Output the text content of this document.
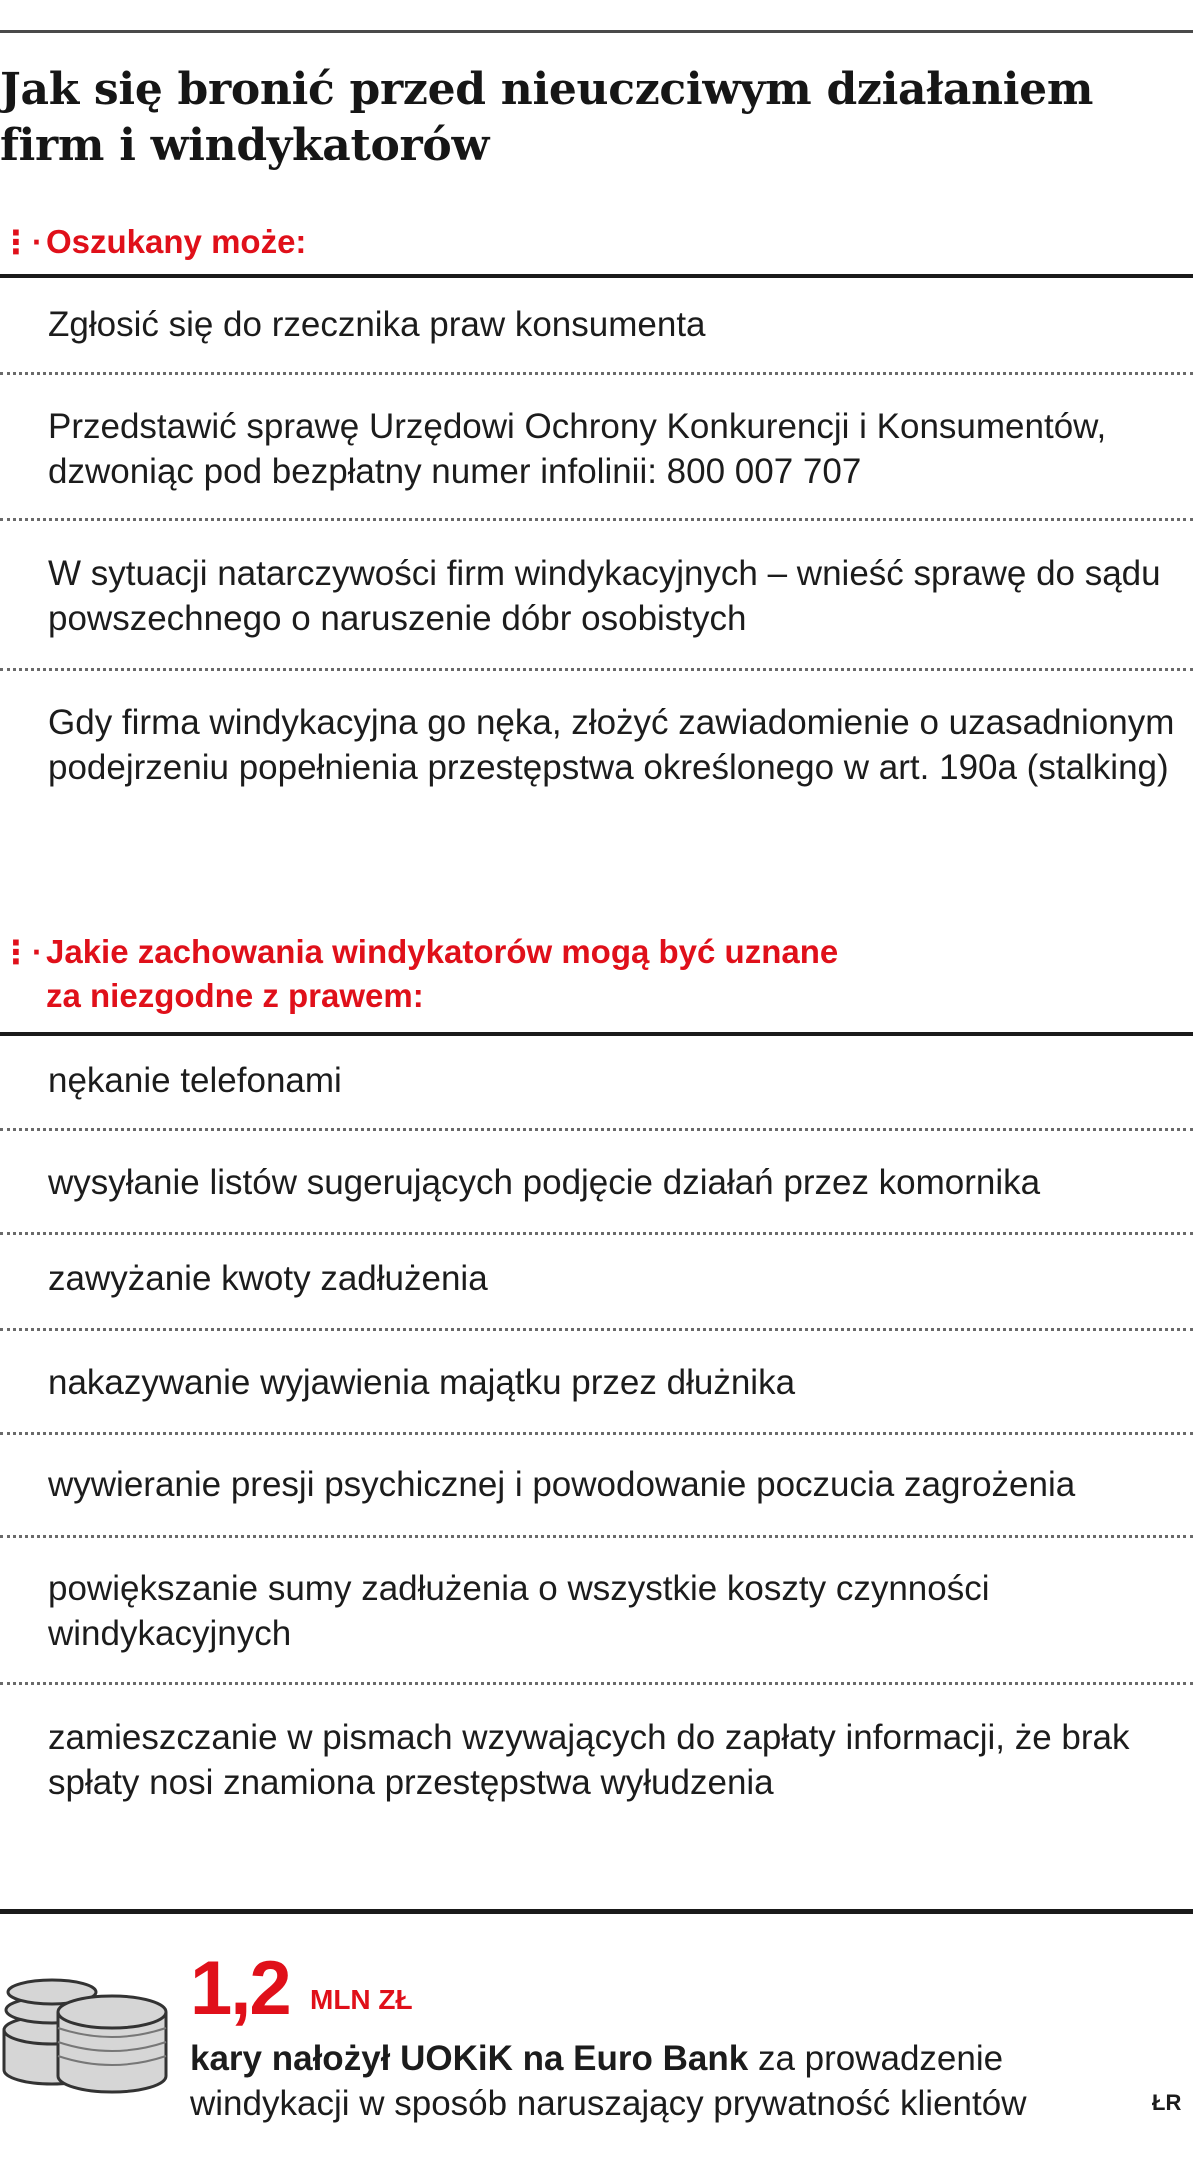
Jak się bronić przed nieuczciwym działaniem firm i windykatorów
⋮· Oszukany może:

Zgłosić się do rzecznika praw konsumenta

Przedstawić sprawę Urzędowi Ochrony Konkurencji i Konsumentów, dzwoniąc pod bezpłatny numer infolinii: 800 007 707

W sytuacji natarczywości firm windykacyjnych – wnieść sprawę do sądu powszechnego o naruszenie dóbr osobistych

Gdy firma windykacyjna go nęka, złożyć zawiadomienie o uzasadnionym podejrzeniu popełnienia przestępstwa określonego w art. 190a (stalking)

⋮· Jakie zachowania windykatorów mogą być uznane za niezgodne z prawem:

nękanie telefonami

wysyłanie listów sugerujących podjęcie działań przez komornika

zawyżanie kwoty zadłużenia

nakazywanie wyjawienia majątku przez dłużnika

wywieranie presji psychicznej i powodowanie poczucia zagrożenia

powiększanie sumy zadłużenia o wszystkie koszty czynności windykacyjnych

zamieszczanie w pismach wzywających do zapłaty informacji, że brak spłaty nosi znamiona przestępstwa wyłudzenia

1,2 MLN ZŁ

kary nałożył UOKiK na Euro Bank za prowadzenie windykacji w sposób naruszający prywatność klientów	ŁR
